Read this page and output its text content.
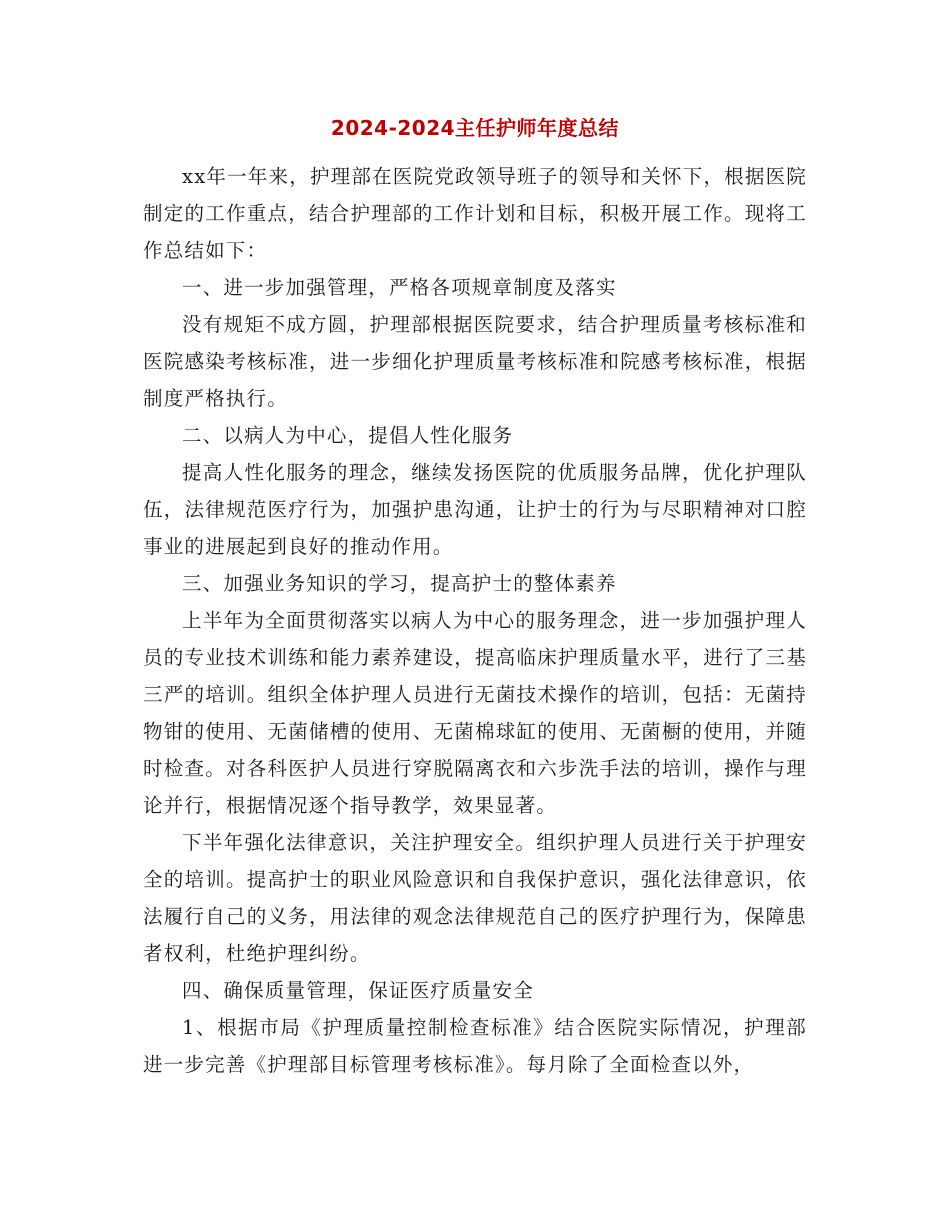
2024-2024主任护师年度总结

xx年一年来，护理部在医院党政领导班子的领导和关怀下，根据医院制定的工作重点，结合护理部的工作计划和目标，积极开展工作。现将工作总结如下：

一、进一步加强管理，严格各项规章制度及落实

没有规矩不成方圆，护理部根据医院要求，结合护理质量考核标准和医院感染考核标准，进一步细化护理质量考核标准和院感考核标准，根据制度严格执行。

二、以病人为中心，提倡人性化服务

提高人性化服务的理念，继续发扬医院的优质服务品牌，优化护理队伍，法律规范医疗行为，加强护患沟通，让护士的行为与尽职精神对口腔事业的进展起到良好的推动作用。

三、加强业务知识的学习，提高护士的整体素养

上半年为全面贯彻落实以病人为中心的服务理念，进一步加强护理人员的专业技术训练和能力素养建设，提高临床护理质量水平，进行了三基三严的培训。组织全体护理人员进行无菌技术操作的培训，包括：无菌持物钳的使用、无菌储槽的使用、无菌棉球缸的使用、无菌橱的使用，并随时检查。对各科医护人员进行穿脱隔离衣和六步洗手法的培训，操作与理论并行，根据情况逐个指导教学，效果显著。

下半年强化法律意识，关注护理安全。组织护理人员进行关于护理安全的培训。提高护士的职业风险意识和自我保护意识，强化法律意识，依法履行自己的义务，用法律的观念法律规范自己的医疗护理行为，保障患者权利，杜绝护理纠纷。

四、确保质量管理，保证医疗质量安全

1、根据市局《护理质量控制检查标准》结合医院实际情况，护理部进一步完善《护理部目标管理考核标准》。每月除了全面检查以外，
